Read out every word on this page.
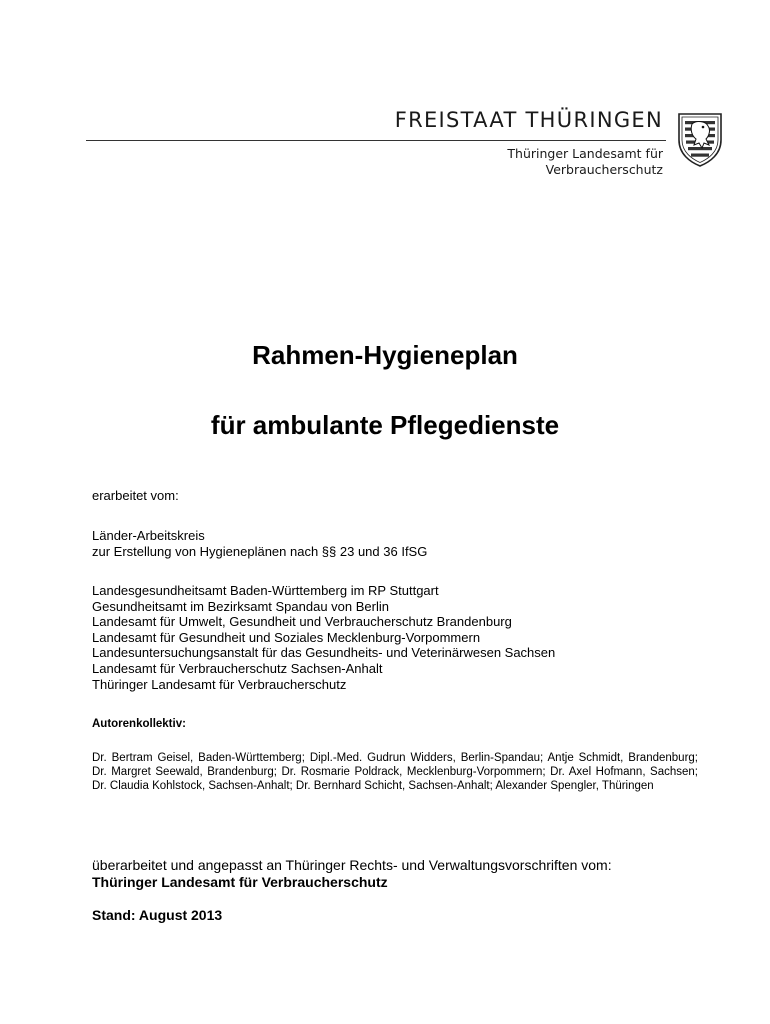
FREISTAAT THÜRINGEN
Thüringer Landesamt für
Verbraucherschutz
Rahmen-Hygieneplan
für ambulante Pflegedienste
erarbeitet vom:
Länder-Arbeitskreis
zur Erstellung von Hygieneplänen nach §§ 23 und 36 IfSG
Landesgesundheitsamt Baden-Württemberg im RP Stuttgart
Gesundheitsamt im Bezirksamt Spandau von Berlin
Landesamt für Umwelt, Gesundheit und Verbraucherschutz Brandenburg
Landesamt für Gesundheit und Soziales Mecklenburg-Vorpommern
Landesuntersuchungsanstalt für das Gesundheits- und Veterinärwesen Sachsen
Landesamt für Verbraucherschutz Sachsen-Anhalt
Thüringer Landesamt für Verbraucherschutz
Autorenkollektiv:
Dr. Bertram Geisel, Baden-Württemberg; Dipl.-Med. Gudrun Widders, Berlin-Spandau; Antje Schmidt, Brandenburg; Dr. Margret Seewald, Brandenburg; Dr. Rosmarie Poldrack, Mecklenburg-Vorpommern; Dr. Axel Hofmann, Sachsen; Dr. Claudia Kohlstock, Sachsen-Anhalt; Dr. Bernhard Schicht, Sachsen-Anhalt; Alexander Spengler, Thüringen
überarbeitet und angepasst an Thüringer Rechts- und Verwaltungsvorschriften vom:
Thüringer Landesamt für Verbraucherschutz
Stand: August 2013
